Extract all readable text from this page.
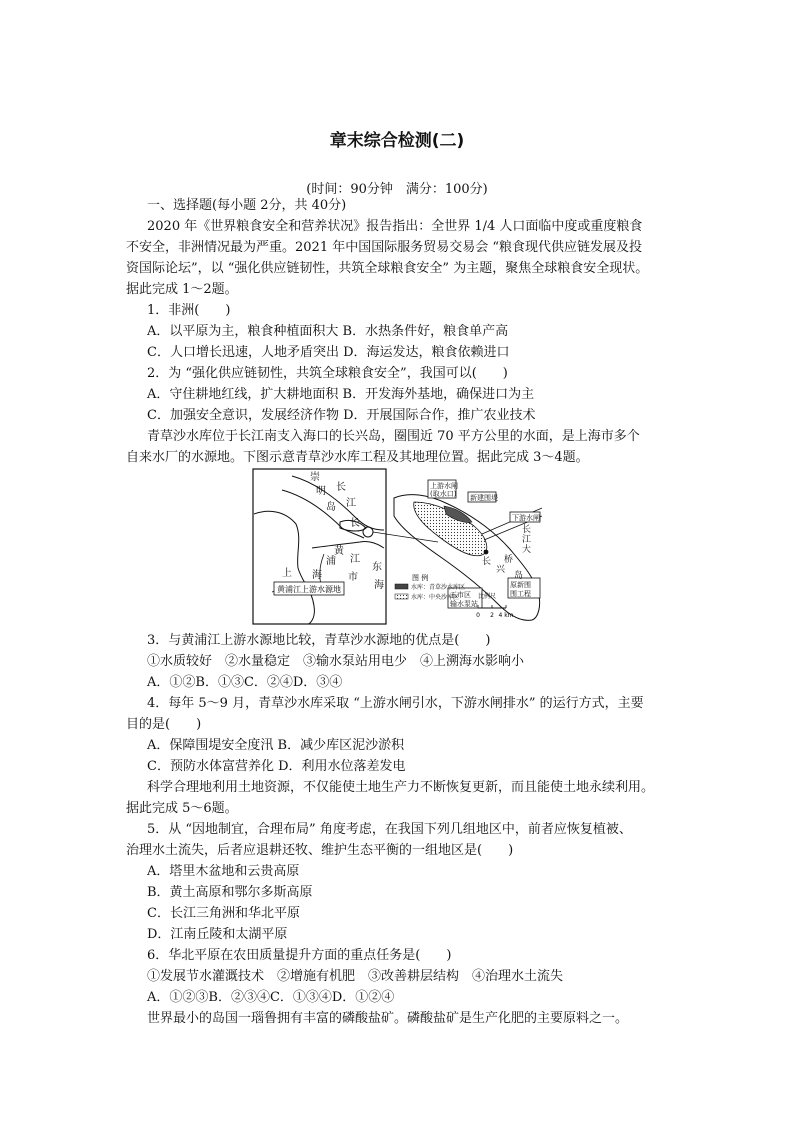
章末综合检测(二)
(时间：90分钟　满分：100分)
一、选择题(每小题 2分，共 40分)
2020 年《世界粮食安全和营养状况》报告指出：全世界 1/4 人口面临中度或重度粮食
不安全，非洲情况最为严重。2021 年中国国际服务贸易交易会 “粮食现代供应链发展及投
资国际论坛”，以 “强化供应链韧性，共筑全球粮食安全” 为主题，聚焦全球粮食安全现状。
据此完成 1～2题。
1．非洲(　　)
A．以平原为主，粮食种植面积大 B．水热条件好，粮食单产高
C．人口增长迅速，人地矛盾突出 D．海运发达，粮食依赖进口
2．为 “强化供应链韧性，共筑全球粮食安全”，我国可以(　　)
A．守住耕地红线，扩大耕地面积 B．开发海外基地，确保进口为主
C．加强安全意识，发展经济作物 D．开展国际合作，推广农业技术
青草沙水库位于长江南支入海口的长兴岛，圈围近 70 平方公里的水面，是上海市多个
自来水厂的水源地。下图示意青草沙水库工程及其地理位置。据此完成 3～4题。
黄浦江上游水源地
崇
长
明
江
岛
长
黄
浦 江
市
上 海
东
海
上游水闸
(取水口) 新建围堤
下游水闸
原新围
围工程
五市区
输水泵站
长
江
大
桥
长
兴
岛
图 例
水库：青草沙水库区
水库：中央沙库区	比例尺
0 2 4 km
3．与黄浦江上游水源地比较，青草沙水源地的优点是(　　)
①水质较好　②水量稳定　③输水泵站用电少　④上溯海水影响小
A．①②B．①③C．②④D．③④
4．每年 5～9 月，青草沙水库采取 “上游水闸引水，下游水闸排水” 的运行方式，主要
目的是(　　)
A．保障围堤安全度汛 B．减少库区泥沙淤积
C．预防水体富营养化 D．利用水位落差发电
科学合理地利用土地资源，不仅能使土地生产力不断恢复更新，而且能使土地永续利用。
据此完成 5～6题。
5．从 “因地制宜，合理布局” 角度考虑，在我国下列几组地区中，前者应恢复植被、
治理水土流失，后者应退耕还牧、维护生态平衡的一组地区是(　　)
A．塔里木盆地和云贵高原
B．黄土高原和鄂尔多斯高原
C．长江三角洲和华北平原
D．江南丘陵和太湖平原
6．华北平原在农田质量提升方面的重点任务是(　　)
①发展节水灌溉技术　②增施有机肥　③改善耕层结构　④治理水土流失
A．①②③B．②③④C．①③④D．①②④
世界最小的岛国一瑙鲁拥有丰富的磷酸盐矿。磷酸盐矿是生产化肥的主要原料之一。
